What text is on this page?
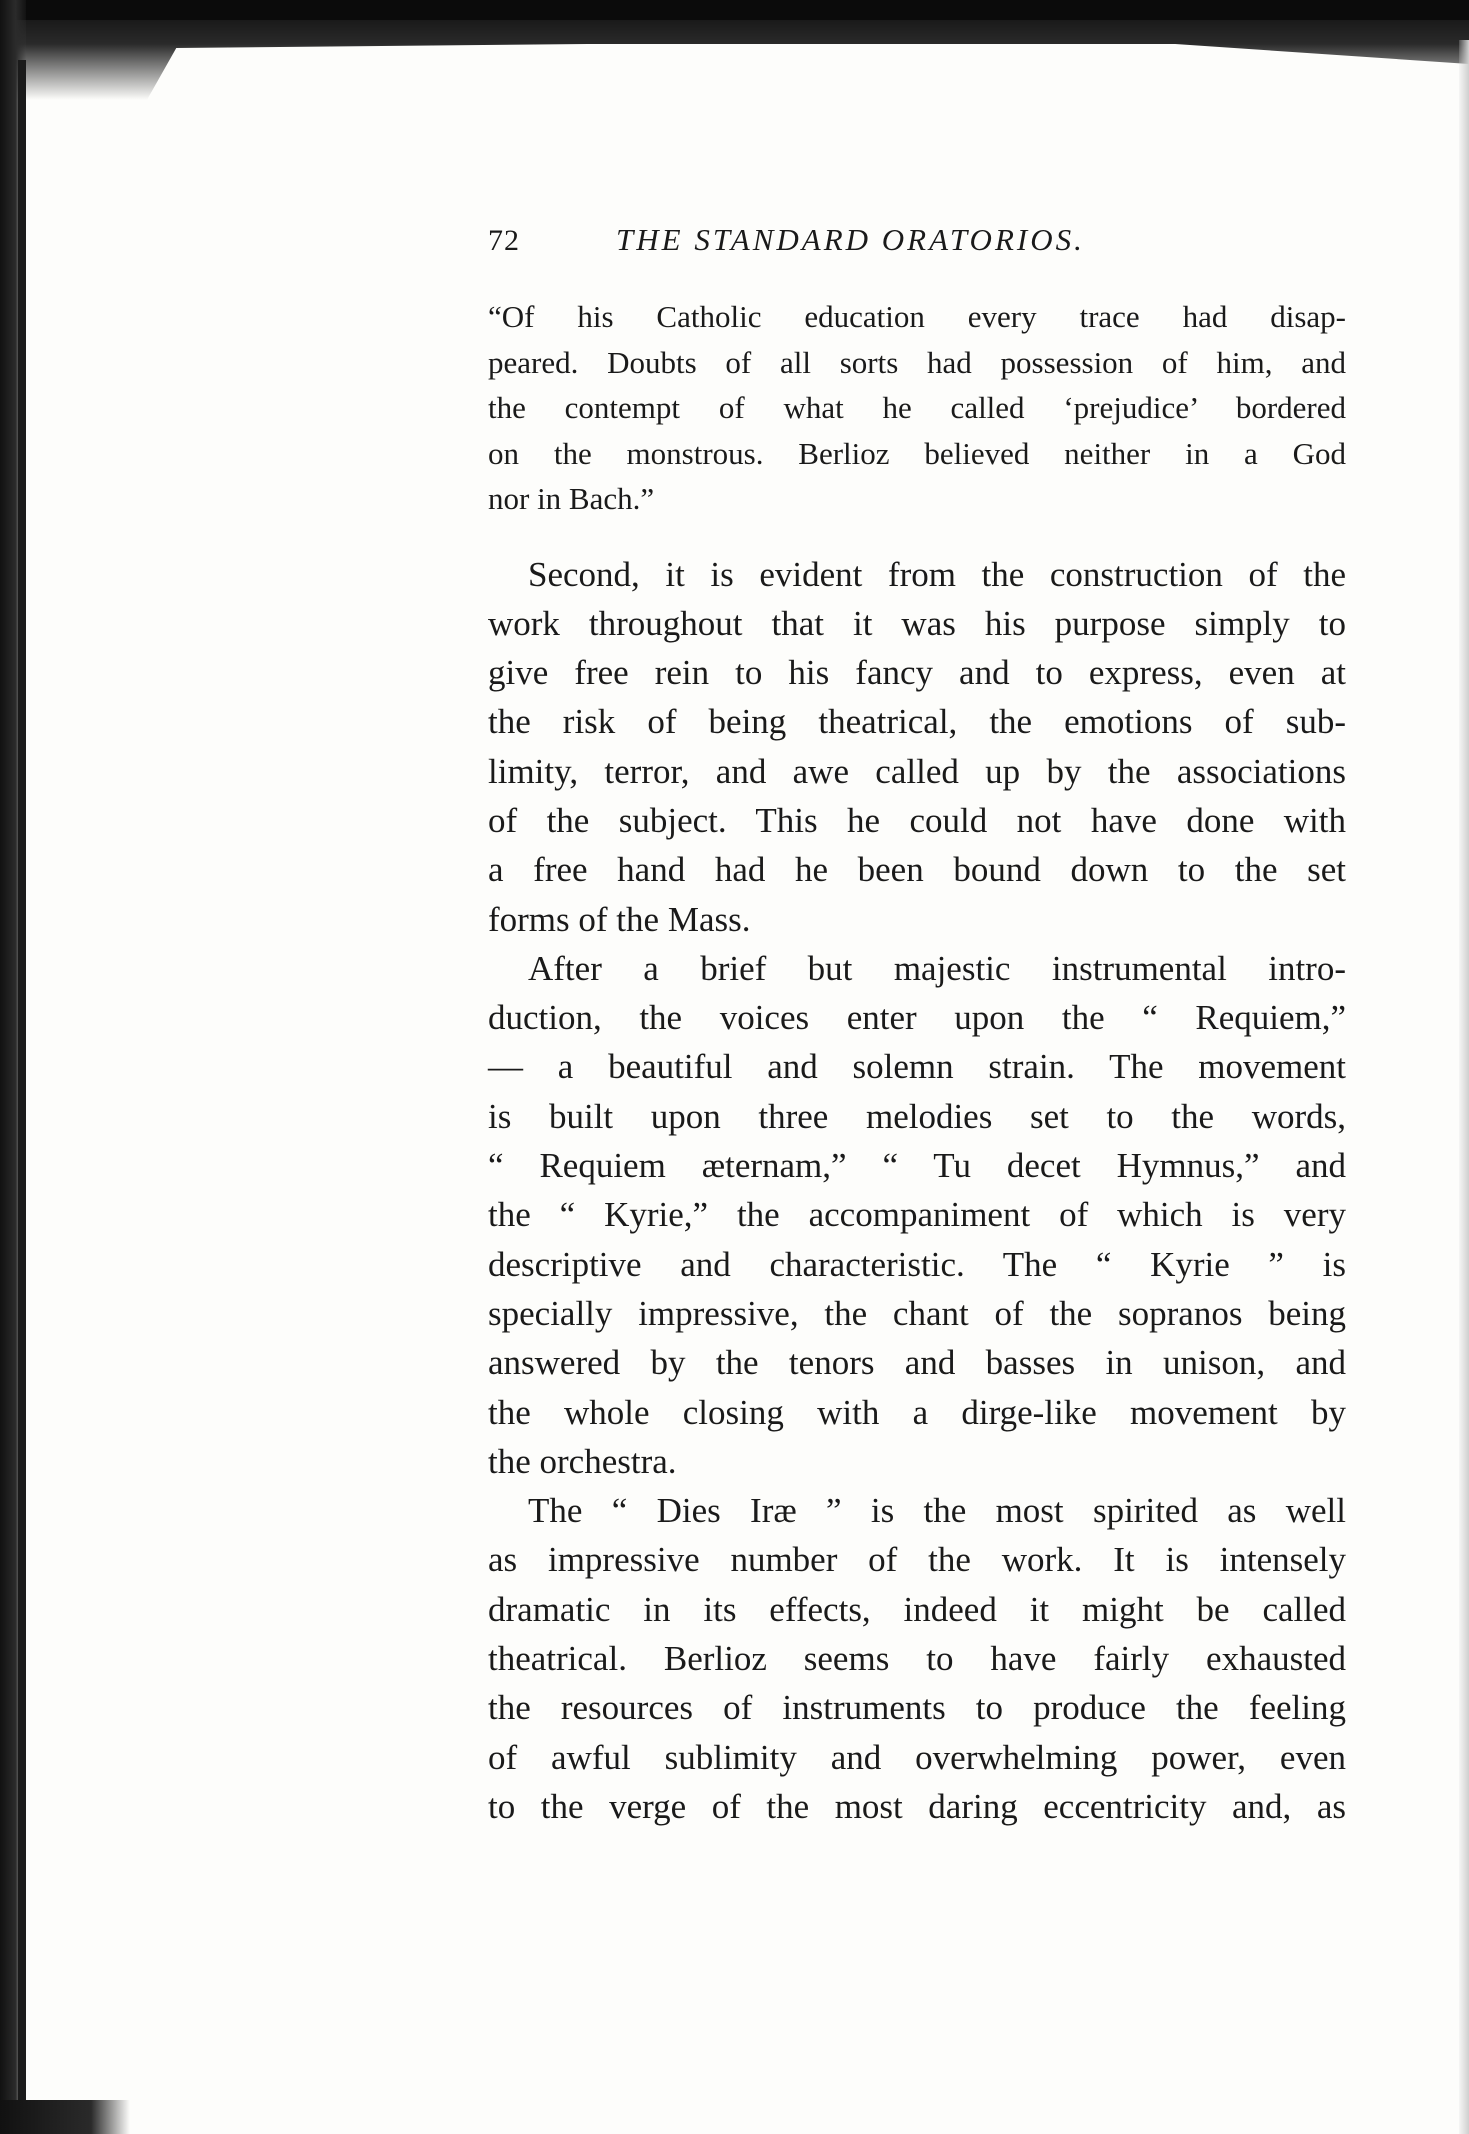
72	THE STANDARD ORATORIOS.
“Of his Catholic education every trace had disap-
peared. Doubts of all sorts had possession of him, and
the contempt of what he called ‘prejudice’ bordered
on the monstrous. Berlioz believed neither in a God
nor in Bach.”
Second, it is evident from the construction of the
work throughout that it was his purpose simply to
give free rein to his fancy and to express, even at
the risk of being theatrical, the emotions of sub-
limity, terror, and awe called up by the associations
of the subject. This he could not have done with
a free hand had he been bound down to the set
forms of the Mass.
After a brief but majestic instrumental intro-
duction, the voices enter upon the “ Requiem,”
— a beautiful and solemn strain. The movement
is built upon three melodies set to the words,
“ Requiem æternam,” “ Tu decet Hymnus,” and
the “ Kyrie,” the accompaniment of which is very
descriptive and characteristic. The “ Kyrie ” is
specially impressive, the chant of the sopranos being
answered by the tenors and basses in unison, and
the whole closing with a dirge-like movement by
the orchestra.
The “ Dies Iræ ” is the most spirited as well
as impressive number of the work. It is intensely
dramatic in its effects, indeed it might be called
theatrical. Berlioz seems to have fairly exhausted
the resources of instruments to produce the feeling
of awful sublimity and overwhelming power, even
to the verge of the most daring eccentricity and, as
